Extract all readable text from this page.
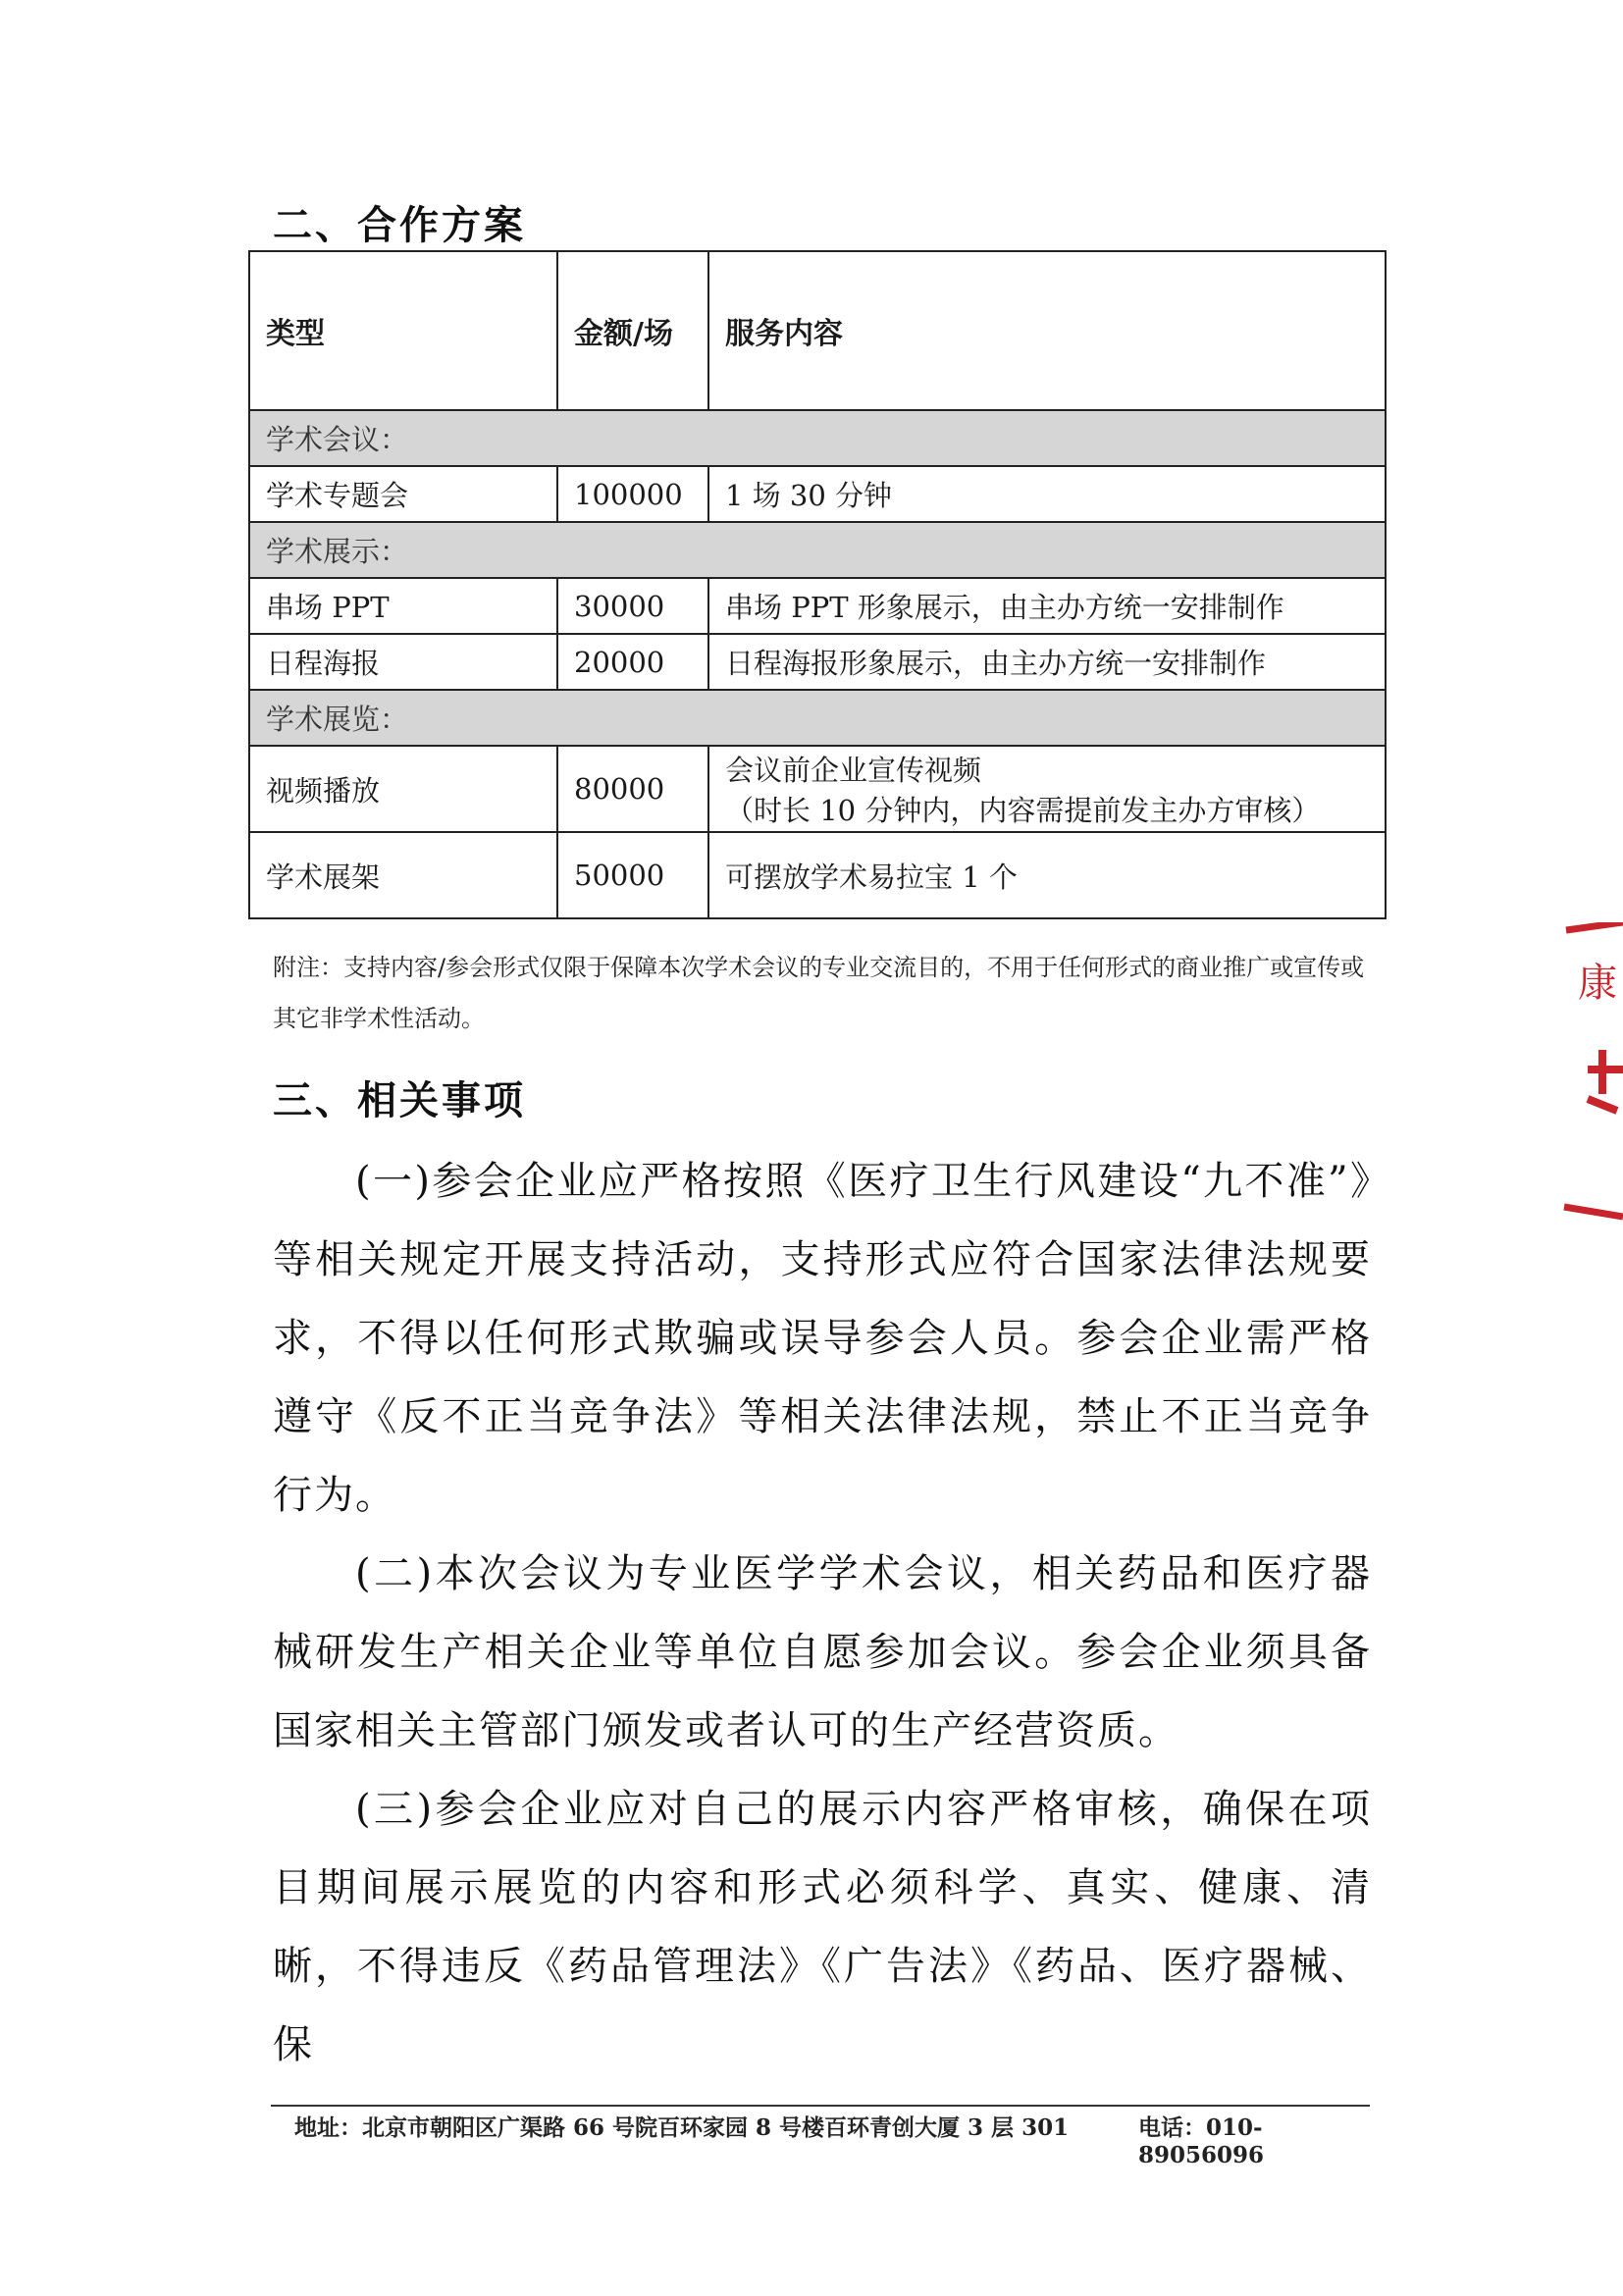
二、合作方案
类型	金额/场	服务内容
学术会议：		
学术专题会	100000	1 场 30 分钟
学术展示：		
串场 PPT	30000	串场 PPT 形象展示，由主办方统一安排制作
日程海报	20000	日程海报形象展示，由主办方统一安排制作
学术展览：		
视频播放	80000	会议前企业宣传视频
（时长 10 分钟内，内容需提前发主办方审核）

学术展架	50000	可摆放学术易拉宝 1 个
附注：支持内容/参会形式仅限于保障本次学术会议的专业交流目的，不用于任何形式的商业推广或宣传或其它非学术性活动。
三、相关事项
(一)参会企业应严格按照《医疗卫生行风建设“九不准”》等相关规定开展支持活动，支持形式应符合国家法律法规要求，不得以任何形式欺骗或误导参会人员。参会企业需严格遵守《反不正当竞争法》等相关法律法规，禁止不正当竞争行为。
(二)本次会议为专业医学学术会议，相关药品和医疗器械研发生产相关企业等单位自愿参加会议。参会企业须具备国家相关主管部门颁发或者认可的生产经营资质。
(三)参会企业应对自己的展示内容严格审核，确保在项目期间展示展览的内容和形式必须科学、真实、健康、清晰，不得违反《药品管理法》《广告法》《药品、医疗器械、保
康
地址：北京市朝阳区广渠路 66 号院百环家园 8 号楼百环青创大厦 3 层 301	电话：010-89056096
